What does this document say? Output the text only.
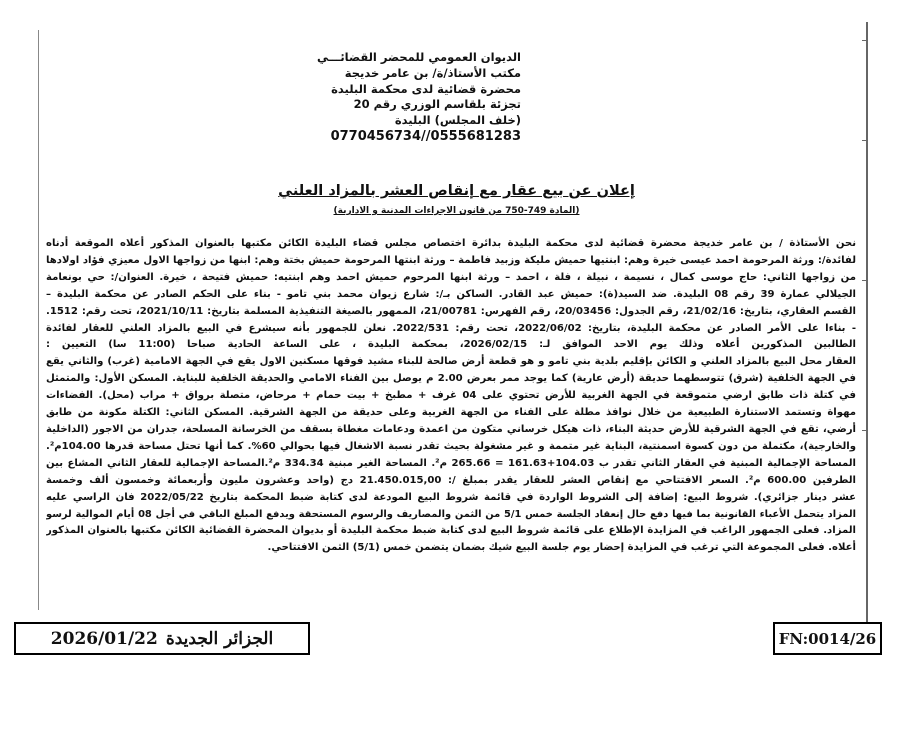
الديوان العمومي للمحضر القضائـــي
مكتب الأستاذ/ة/ بن عامر خديجة
محضرة قضائية لدى محكمة البليدة
تجزئة بلقاسم الوزري رقم 20
(خلف المجلس) البليدة
0555681283//0770456734
إعلان عن بيع عقار مع إنقاص العشر بالمزاد العلني
(المادة 749-750 من قانون الاجراءات المدنية و الادارية)
نحن الأستاذة / بن عامر خديجة محضرة قضائية لدى محكمة البليدة بدائرة اختصاص مجلس قضاء البليدة الكائن مكتبها بالعنوان المذكور أعلاه الموقعة أدناه
لفائدة/: ورثة المرحومة احمد عيسى خيرة وهم: ابنتيها حميش مليكة وزبيد فاطمة – ورثة ابنتها المرحومة حميش بختة وهم: ابنها من زواجها الاول معيزي فؤاد اولادها
من زواجها الثاني: حاج موسى كمال ، نسيمة ، نبيلة ، فلة ، احمد – ورثة ابنها المرحوم حميش احمد وهم ابنتيه: حميش فتيحة ، خيرة. العنوان/: حي بونعامة
الجيلالي عمارة 39 رقم 08 البليدة. ضد السيد(ة): حميش عبد القادر. الساكن بـ/: شارع زيوان محمد بني تامو - بناء على الحكم الصادر عن محكمة البليدة –
القسم العقاري، بتاريخ: 21/02/16، رقم الجدول: 20/03456، رقم الفهرس: 21/00781، الممهور بالصيغة التنفيذية المسلمة بتاريخ: 2021/10/11، تحت رقم: 1512.
- بناءا على الأمر الصادر عن محكمة البليدة، بتاريخ: 2022/06/02، تحت رقم: 2022/531. نعلن للجمهور بأنه سيشرع في البيع بالمزاد العلني للعقار لفائدة
الطالبين المذكورين أعلاه وذلك يوم الاحد الموافق لـ: 2026/02/15، بمحكمة البليدة ، على الساعة الحادية صباحا (11:00 سا) التعيين :
العقار محل البيع بالمزاد العلني و الكائن بإقليم بلدية بني تامو و هو قطعة أرض صالحة للبناء مشيد فوقها مسكنين الاول يقع في الجهة الامامية (غرب) والثاني يقع
في الجهة الخلفية (شرق) تتوسطهما حديقة (أرض عارية) كما يوجد ممر بعرض 2.00 م يوصل بين الفناء الامامي والحديقة الخلفية للبناية. المسكن الأول: والمتمثل
في كتلة ذات طابق ارضي متموقعة في الجهة الغربية للأرض تحتوي على 04 غرف + مطبخ + بيت حمام + مرحاض، متصلة برواق + مراب (محل). الفضاءات
مهواة وتستمد الاستنارة الطبيعية من خلال نوافذ مطلة على الفناء من الجهة الغربية وعلى حديقة من الجهة الشرقية. المسكن الثاني: الكتلة مكونة من طابق
أرضي، تقع في الجهة الشرقية للأرض حديثة البناء، ذات هيكل خرساني متكون من اعمدة ودعامات مغطاة بسقف من الخرسانة المسلحة، جدران من الاجور (الداخلية
والخارجية)، مكتملة من دون كسوة اسمنتية، البناية غير متممة و غير مشغولة بحيث تقدر نسبة الاشغال فيها بحوالي 60%. كما أنها تحتل مساحة قدرها 104.00م².
المساحة الإجمالية المبنية في العقار الثاني تقدر ب 104.03+161.63 = 265.66 م². المساحة الغير مبنية 334.34 م².المساحة الإجمالية للعقار الثاني المشاع بين
الطرفين 600.00 م². السعر الافتتاحي مع إنقاص العشر للعقار يقدر بمبلغ /: 21.450.015,00 دج (واحد وعشرون مليون وأربعمائة وخمسون ألف وخمسة
عشر دينار جزائري). شروط البيع: إضافة إلى الشروط الواردة في قائمة شروط البيع المودعة لدى كتابة ضبط المحكمة بتاريخ 2022/05/22 فان الراسي عليه
المزاد يتحمل الأعباء القانونية بما فيها دفع حال إنعقاد الجلسة خمس 5/1 من الثمن والمصاريف والرسوم المستحقة ويدفع المبلغ الباقي في أجل 08 أيام الموالية لرسو
المزاد. فعلى الجمهور الراغب في المزايدة الإطلاع على قائمة شروط البيع لدى كتابة ضبط محكمة البليدة أو بديوان المحضرة القضائية الكائن مكتبها بالعنوان المذكور
أعلاه. فعلى المجموعة التي ترغب في المزايدة إحضار يوم جلسة البيع شيك بضمان يتضمن خمس (5/1) الثمن الافتتاحي.
2026/01/22 الجزائر الجديدة	FN:0014/26
